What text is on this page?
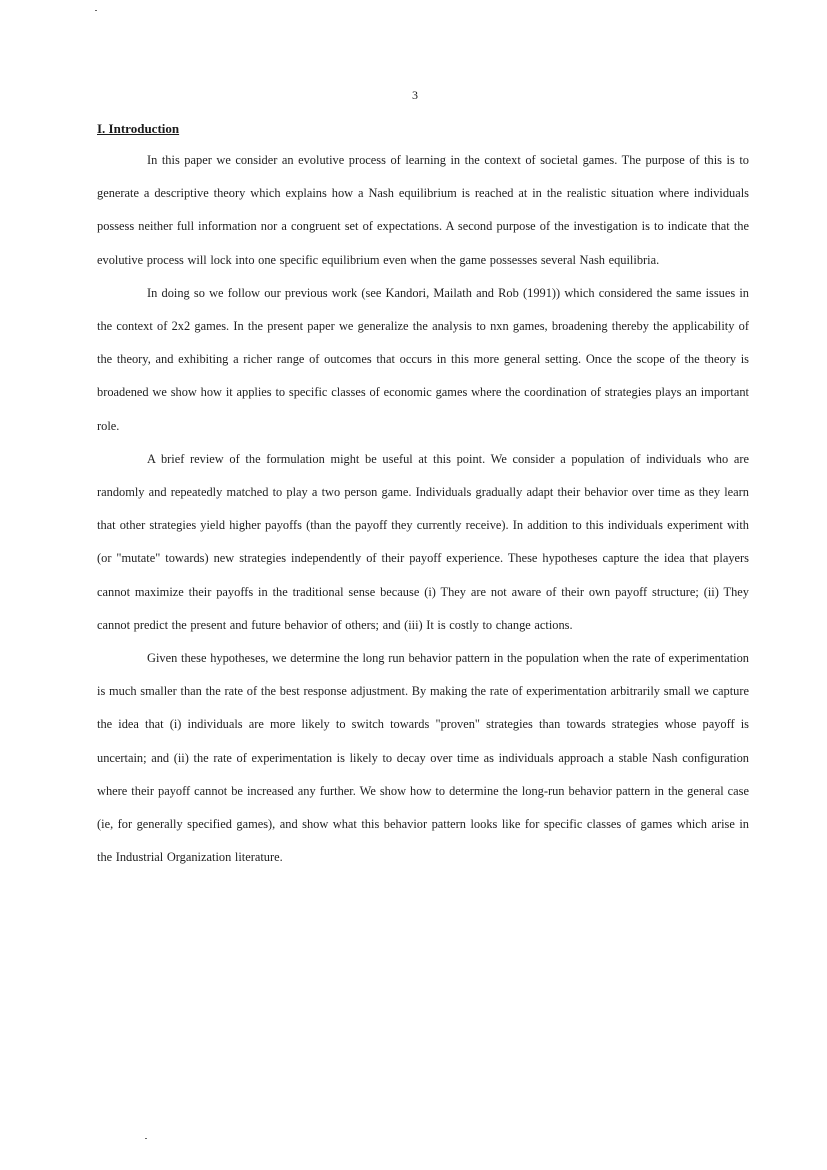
3
I. Introduction

In this paper we consider an evolutive process of learning in the context of societal games. The purpose of this is to generate a descriptive theory which explains how a Nash equilibrium is reached at in the realistic situation where individuals possess neither full information nor a congruent set of expectations. A second purpose of the investigation is to indicate that the evolutive process will lock into one specific equilibrium even when the game possesses several Nash equilibria.

In doing so we follow our previous work (see Kandori, Mailath and Rob (1991)) which considered the same issues in the context of 2x2 games. In the present paper we generalize the analysis to nxn games, broadening thereby the applicability of the theory, and exhibiting a richer range of outcomes that occurs in this more general setting. Once the scope of the theory is broadened we show how it applies to specific classes of economic games where the coordination of strategies plays an important role.

A brief review of the formulation might be useful at this point. We consider a population of individuals who are randomly and repeatedly matched to play a two person game. Individuals gradually adapt their behavior over time as they learn that other strategies yield higher payoffs (than the payoff they currently receive). In addition to this individuals experiment with (or "mutate" towards) new strategies independently of their payoff experience. These hypotheses capture the idea that players cannot maximize their payoffs in the traditional sense because (i) They are not aware of their own payoff structure; (ii) They cannot predict the present and future behavior of others; and (iii) It is costly to change actions.

Given these hypotheses, we determine the long run behavior pattern in the population when the rate of experimentation is much smaller than the rate of the best response adjustment. By making the rate of experimentation arbitrarily small we capture the idea that (i) individuals are more likely to switch towards "proven" strategies than towards strategies whose payoff is uncertain; and (ii) the rate of experimentation is likely to decay over time as individuals approach a stable Nash configuration where their payoff cannot be increased any further. We show how to determine the long-run behavior pattern in the general case (ie, for generally specified games), and show what this behavior pattern looks like for specific classes of games which arise in the Industrial Organization literature.
